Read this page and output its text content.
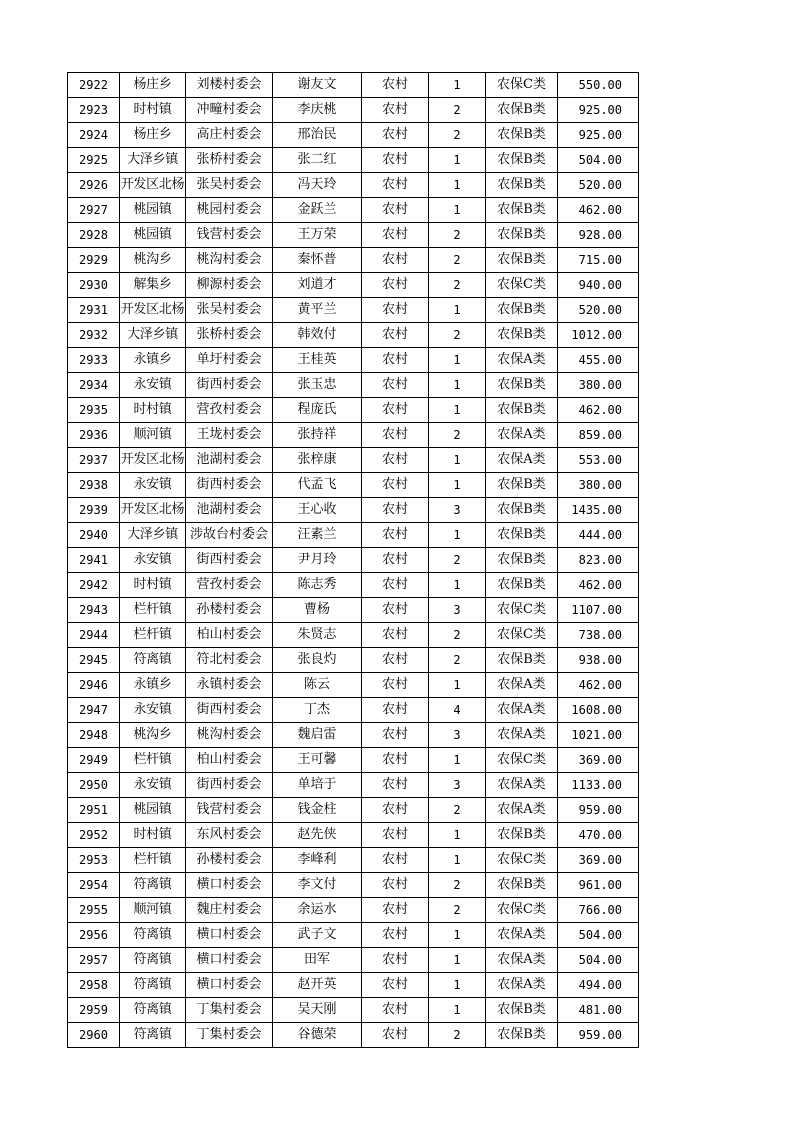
2922	杨庄乡	刘楼村委会	谢友文	农村	1	农保C类	550.00
2923	时村镇	冲疃村委会	李庆桃	农村	2	农保B类	925.00
2924	杨庄乡	高庄村委会	邢治民	农村	2	农保B类	925.00
2925	大泽乡镇	张桥村委会	张二红	农村	1	农保B类	504.00
2926	开发区北杨	张吴村委会	冯天玲	农村	1	农保B类	520.00
2927	桃园镇	桃园村委会	金跃兰	农村	1	农保B类	462.00
2928	桃园镇	钱营村委会	王万荣	农村	2	农保B类	928.00
2929	桃沟乡	桃沟村委会	秦怀普	农村	2	农保B类	715.00
2930	解集乡	柳源村委会	刘道才	农村	2	农保C类	940.00
2931	开发区北杨	张吴村委会	黄平兰	农村	1	农保B类	520.00
2932	大泽乡镇	张桥村委会	韩效付	农村	2	农保B类	1012.00
2933	永镇乡	单圩村委会	王桂英	农村	1	农保A类	455.00
2934	永安镇	街西村委会	张玉忠	农村	1	农保B类	380.00
2935	时村镇	营孜村委会	程庞氏	农村	1	农保B类	462.00
2936	顺河镇	王垅村委会	张持祥	农村	2	农保A类	859.00
2937	开发区北杨	池湖村委会	张梓康	农村	1	农保A类	553.00
2938	永安镇	街西村委会	代孟飞	农村	1	农保B类	380.00
2939	开发区北杨	池湖村委会	王心收	农村	3	农保B类	1435.00
2940	大泽乡镇	涉故台村委会	汪素兰	农村	1	农保B类	444.00
2941	永安镇	街西村委会	尹月玲	农村	2	农保B类	823.00
2942	时村镇	营孜村委会	陈志秀	农村	1	农保B类	462.00
2943	栏杆镇	孙楼村委会	曹杨	农村	3	农保C类	1107.00
2944	栏杆镇	柏山村委会	朱贤志	农村	2	农保C类	738.00
2945	符离镇	符北村委会	张良灼	农村	2	农保B类	938.00
2946	永镇乡	永镇村委会	陈云	农村	1	农保A类	462.00
2947	永安镇	街西村委会	丁杰	农村	4	农保A类	1608.00
2948	桃沟乡	桃沟村委会	魏启雷	农村	3	农保A类	1021.00
2949	栏杆镇	柏山村委会	王可馨	农村	1	农保C类	369.00
2950	永安镇	街西村委会	单培于	农村	3	农保A类	1133.00
2951	桃园镇	钱营村委会	钱金柱	农村	2	农保A类	959.00
2952	时村镇	东风村委会	赵先侠	农村	1	农保B类	470.00
2953	栏杆镇	孙楼村委会	李峰利	农村	1	农保C类	369.00
2954	符离镇	横口村委会	李文付	农村	2	农保B类	961.00
2955	顺河镇	魏庄村委会	余运水	农村	2	农保C类	766.00
2956	符离镇	横口村委会	武子文	农村	1	农保A类	504.00
2957	符离镇	横口村委会	田军	农村	1	农保A类	504.00
2958	符离镇	横口村委会	赵开英	农村	1	农保A类	494.00
2959	符离镇	丁集村委会	吴天刚	农村	1	农保B类	481.00
2960	符离镇	丁集村委会	谷德荣	农村	2	农保B类	959.00
